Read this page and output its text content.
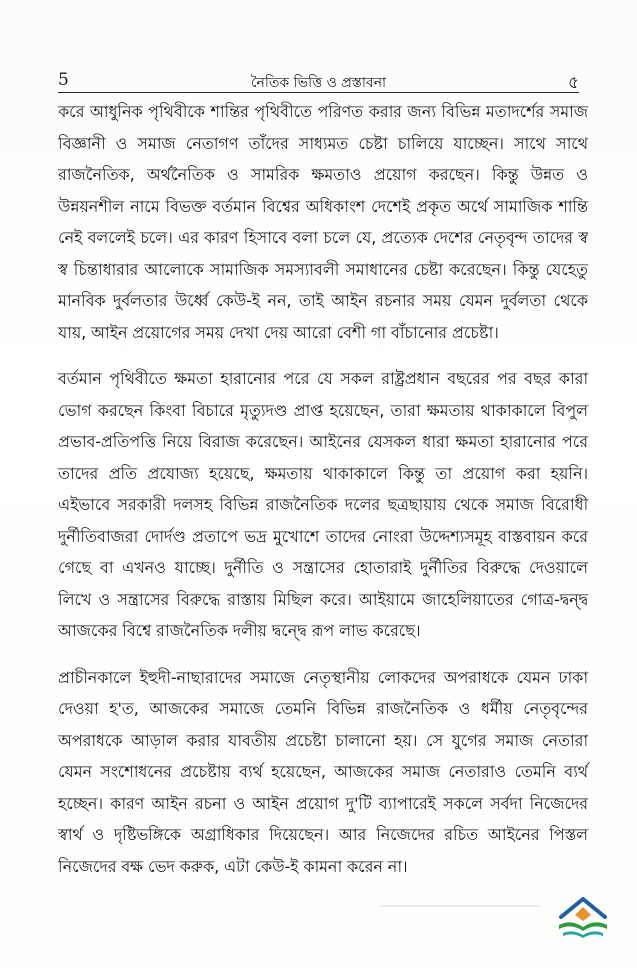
5	নৈতিক ভিত্তি ও প্রস্তাবনা	৫

করে আধুনিক পৃথিবীকে শান্তির পৃথিবীতে পরিণত করার জন্য বিভিন্ন মতাদর্শের সমাজ বিজ্ঞানী ও সমাজ নেতাগণ তাঁদের সাধ্যমত চেষ্টা চালিয়ে যাচ্ছেন। সাথে সাথে রাজনৈতিক, অর্থনৈতিক ও সামরিক ক্ষমতাও প্রয়োগ করছেন। কিন্তু উন্নত ও উন্নয়নশীল নামে বিভক্ত বর্তমান বিশ্বের অধিকাংশ দেশেই প্রকৃত অর্থে সামাজিক শান্তি নেই বললেই চলে। এর কারণ হিসাবে বলা চলে যে, প্রত্যেক দেশের নেতৃবৃন্দ তাদের স্ব স্ব চিন্তাধারার আলোকে সামাজিক সমস্যাবলী সমাধানের চেষ্টা করেছেন। কিন্তু যেহেতু মানবিক দুর্বলতার উর্ধ্বে কেউ-ই নন, তাই আইন রচনার সময় যেমন দুর্বলতা থেকে যায়, আইন প্রয়োগের সময় দেখা দেয় আরো বেশী গা বাঁচানোর প্রচেষ্টা।

বর্তমান পৃথিবীতে ক্ষমতা হারানোর পরে যে সকল রাষ্ট্রপ্রধান বছরের পর বছর কারা ভোগ করছেন কিংবা বিচারে মৃত্যুদণ্ড প্রাপ্ত হয়েছেন, তারা ক্ষমতায় থাকাকালে বিপুল প্রভাব-প্রতিপত্তি নিয়ে বিরাজ করেছেন। আইনের যেসকল ধারা ক্ষমতা হারানোর পরে তাদের প্রতি প্রযোজ্য হয়েছে, ক্ষমতায় থাকাকালে কিন্তু তা প্রয়োগ করা হয়নি। এইভাবে সরকারী দলসহ বিভিন্ন রাজনৈতিক দলের ছত্রছায়ায় থেকে সমাজ বিরোধী দুর্নীতিবাজরা দোর্দণ্ড প্রতাপে ভদ্র মুখোশে তাদের নোংরা উদ্দেশ্যসমূহ বাস্তবায়ন করে গেছে বা এখনও যাচ্ছে। দুর্নীতি ও সন্ত্রাসের হোতারাই দুর্নীতির বিরুদ্ধে দেওয়ালে লিখে ও সন্ত্রাসের বিরুদ্ধে রাস্তায় মিছিল করে। আইয়ামে জাহেলিয়াতের গোত্র-দ্বন্দ্ব আজকের বিশ্বে রাজনৈতিক দলীয় দ্বন্দ্বে রূপ লাভ করেছে।

প্রাচীনকালে ইহুদী-নাছারাদের সমাজে নেতৃস্থানীয় লোকদের অপরাধকে যেমন ঢাকা দেওয়া হ'ত, আজকের সমাজে তেমনি বিভিন্ন রাজনৈতিক ও ধর্মীয় নেতৃবৃন্দের অপরাধকে আড়াল করার যাবতীয় প্রচেষ্টা চালানো হয়। সে যুগের সমাজ নেতারা যেমন সংশোধনের প্রচেষ্টায় ব্যর্থ হয়েছেন, আজকের সমাজ নেতারাও তেমনি ব্যর্থ হচ্ছেন। কারণ আইন রচনা ও আইন প্রয়োগ দু'টি ব্যাপারেই সকলে সর্বদা নিজেদের স্বার্থ ও দৃষ্টিভঙ্গিকে অগ্রাধিকার দিয়েছেন। আর নিজেদের রচিত আইনের পিস্তল নিজেদের বক্ষ ভেদ করুক, এটা কেউ-ই কামনা করেন না।
